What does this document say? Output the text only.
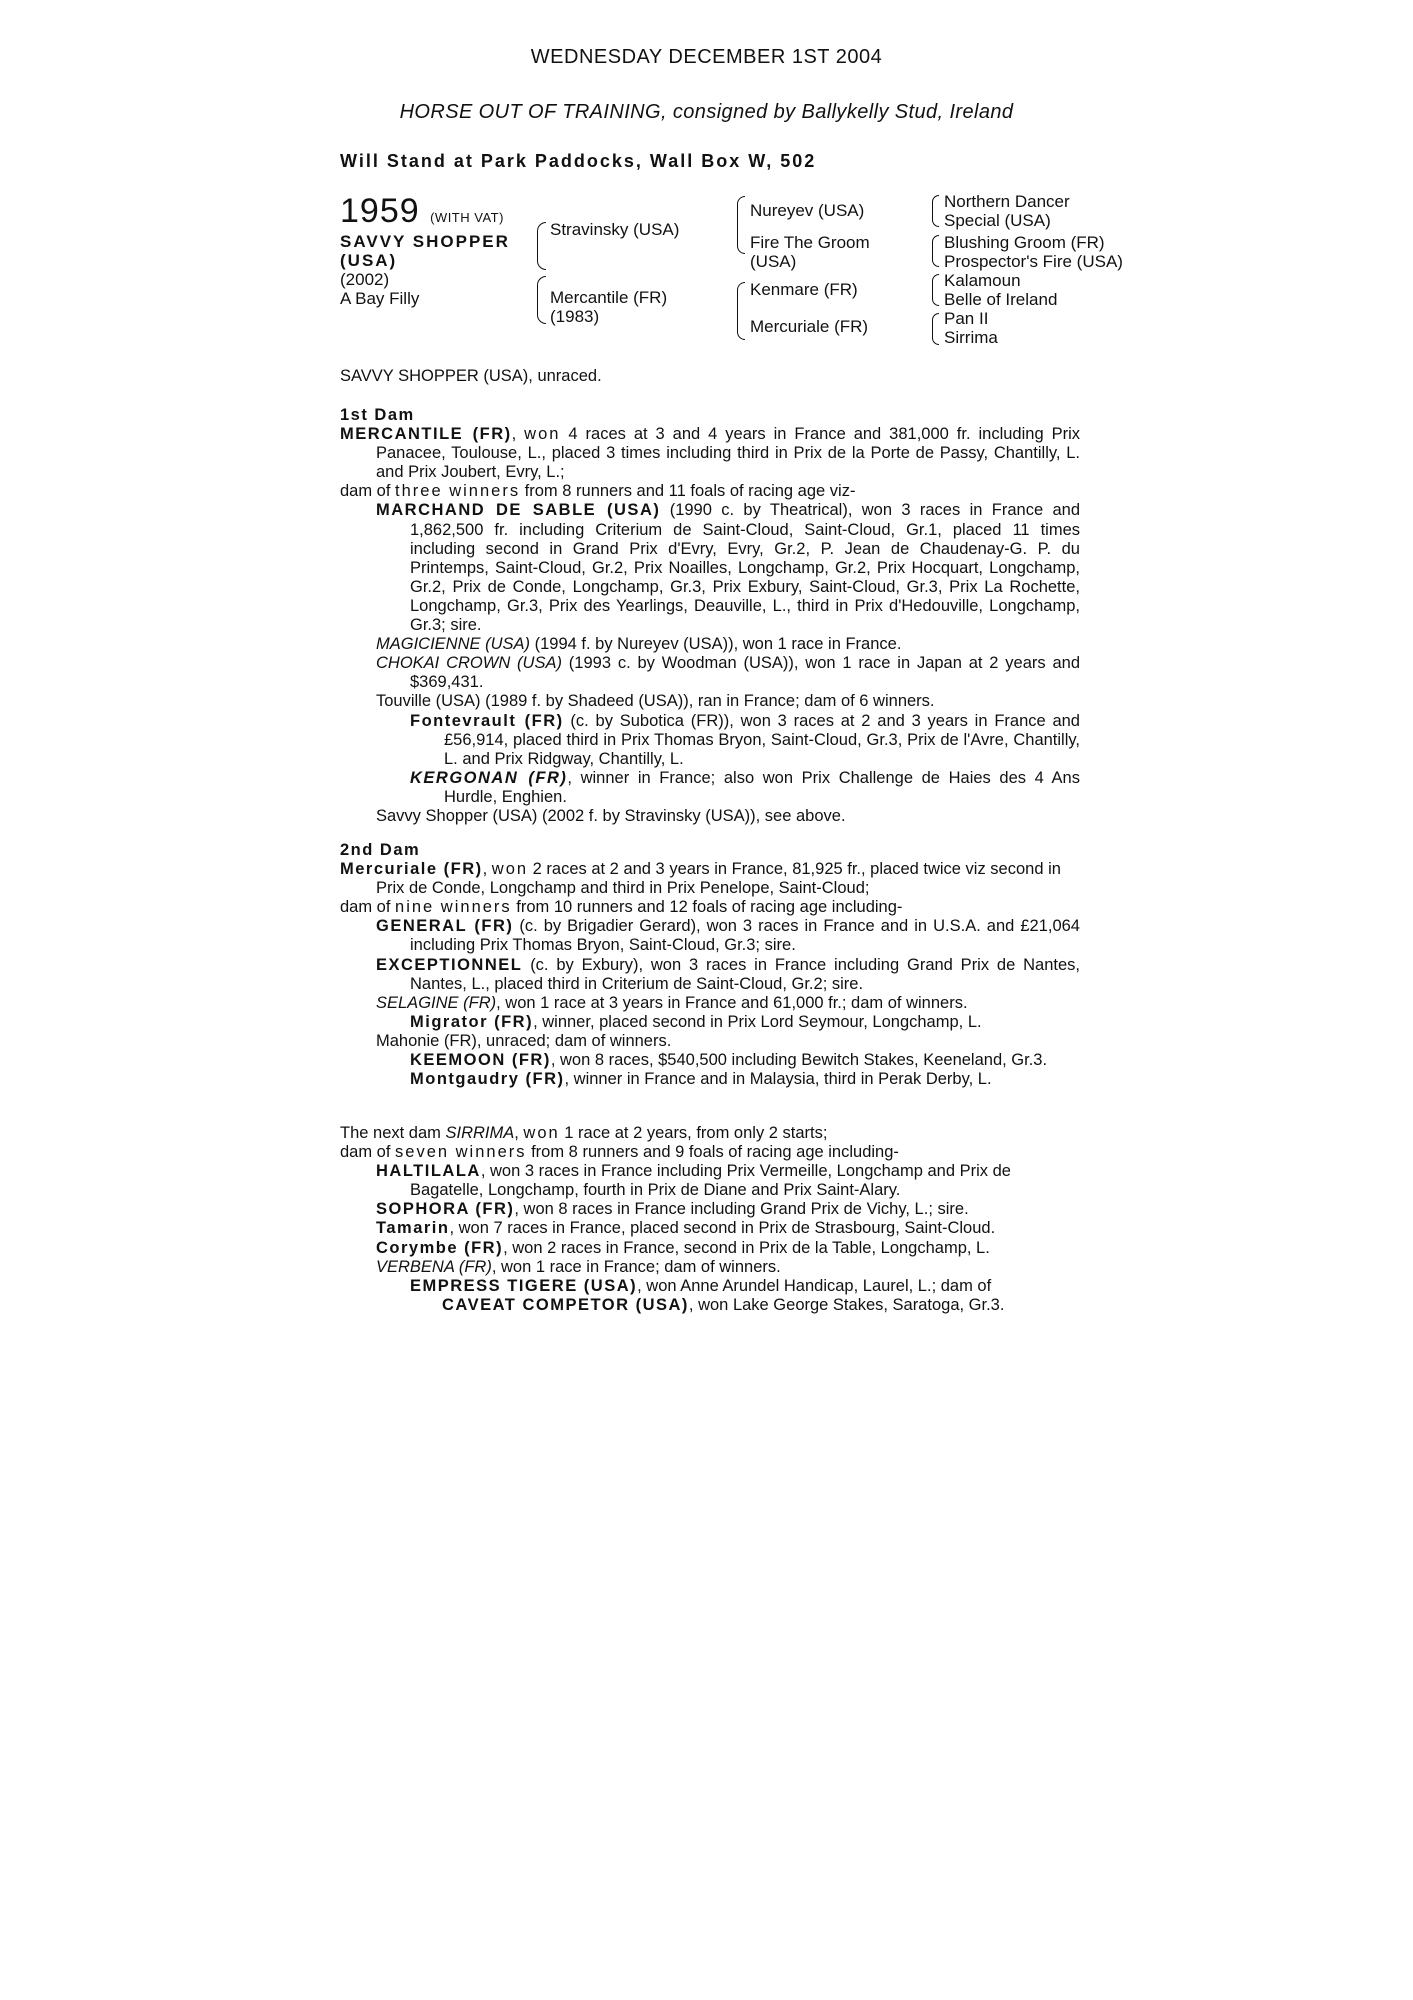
WEDNESDAY DECEMBER 1ST 2004
HORSE OUT OF TRAINING, consigned by Ballykelly Stud, Ireland
Will Stand at Park Paddocks, Wall Box W, 502
1959 (WITH VAT)
SAVVY SHOPPER
(USA)
(2002)
A Bay Filly
Stravinsky (USA)
Mercantile (FR)
(1983)
Nureyev (USA)
Fire The Groom
(USA)
Kenmare (FR)
Mercuriale (FR)
Northern Dancer
Special (USA)
Blushing Groom (FR)
Prospector's Fire (USA)
Kalamoun
Belle of Ireland
Pan II
Sirrima
SAVVY SHOPPER (USA), unraced.

1st Dam

MERCANTILE (FR), won 4 races at 3 and 4 years in France and 381,000 fr. including Prix Panacee, Toulouse, L., placed 3 times including third in Prix de la Porte de Passy, Chantilly, L. and Prix Joubert, Evry, L.;

dam of three winners from 8 runners and 11 foals of racing age viz-

MARCHAND DE SABLE (USA) (1990 c. by Theatrical), won 3 races in France and 1,862,500 fr. including Criterium de Saint-Cloud, Saint-Cloud, Gr.1, placed 11 times including second in Grand Prix d'Evry, Evry, Gr.2, P. Jean de Chaudenay-G. P. du Printemps, Saint-Cloud, Gr.2, Prix Noailles, Longchamp, Gr.2, Prix Hocquart, Longchamp, Gr.2, Prix de Conde, Longchamp, Gr.3, Prix Exbury, Saint-Cloud, Gr.3, Prix La Rochette, Longchamp, Gr.3, Prix des Yearlings, Deauville, L., third in Prix d'Hedouville, Longchamp, Gr.3; sire.

MAGICIENNE (USA) (1994 f. by Nureyev (USA)), won 1 race in France.

CHOKAI CROWN (USA) (1993 c. by Woodman (USA)), won 1 race in Japan at 2 years and $369,431.

Touville (USA) (1989 f. by Shadeed (USA)), ran in France; dam of 6 winners.

Fontevrault (FR) (c. by Subotica (FR)), won 3 races at 2 and 3 years in France and £56,914, placed third in Prix Thomas Bryon, Saint-Cloud, Gr.3, Prix de l'Avre, Chantilly, L. and Prix Ridgway, Chantilly, L.

KERGONAN (FR), winner in France; also won Prix Challenge de Haies des 4 Ans Hurdle, Enghien.

Savvy Shopper (USA) (2002 f. by Stravinsky (USA)), see above.

2nd Dam

Mercuriale (FR), won 2 races at 2 and 3 years in France, 81,925 fr., placed twice viz second in Prix de Conde, Longchamp and third in Prix Penelope, Saint-Cloud;

dam of nine winners from 10 runners and 12 foals of racing age including-

GENERAL (FR) (c. by Brigadier Gerard), won 3 races in France and in U.S.A. and £21,064 including Prix Thomas Bryon, Saint-Cloud, Gr.3; sire.

EXCEPTIONNEL (c. by Exbury), won 3 races in France including Grand Prix de Nantes, Nantes, L., placed third in Criterium de Saint-Cloud, Gr.2; sire.

SELAGINE (FR), won 1 race at 3 years in France and 61,000 fr.; dam of winners.

Migrator (FR), winner, placed second in Prix Lord Seymour, Longchamp, L.

Mahonie (FR), unraced; dam of winners.

KEEMOON (FR), won 8 races, $540,500 including Bewitch Stakes, Keeneland, Gr.3.

Montgaudry (FR), winner in France and in Malaysia, third in Perak Derby, L.

The next dam SIRRIMA, won 1 race at 2 years, from only 2 starts;

dam of seven winners from 8 runners and 9 foals of racing age including-

HALTILALA, won 3 races in France including Prix Vermeille, Longchamp and Prix de Bagatelle, Longchamp, fourth in Prix de Diane and Prix Saint-Alary.

SOPHORA (FR), won 8 races in France including Grand Prix de Vichy, L.; sire.

Tamarin, won 7 races in France, placed second in Prix de Strasbourg, Saint-Cloud.

Corymbe (FR), won 2 races in France, second in Prix de la Table, Longchamp, L.

VERBENA (FR), won 1 race in France; dam of winners.

EMPRESS TIGERE (USA), won Anne Arundel Handicap, Laurel, L.; dam of

CAVEAT COMPETOR (USA), won Lake George Stakes, Saratoga, Gr.3.
